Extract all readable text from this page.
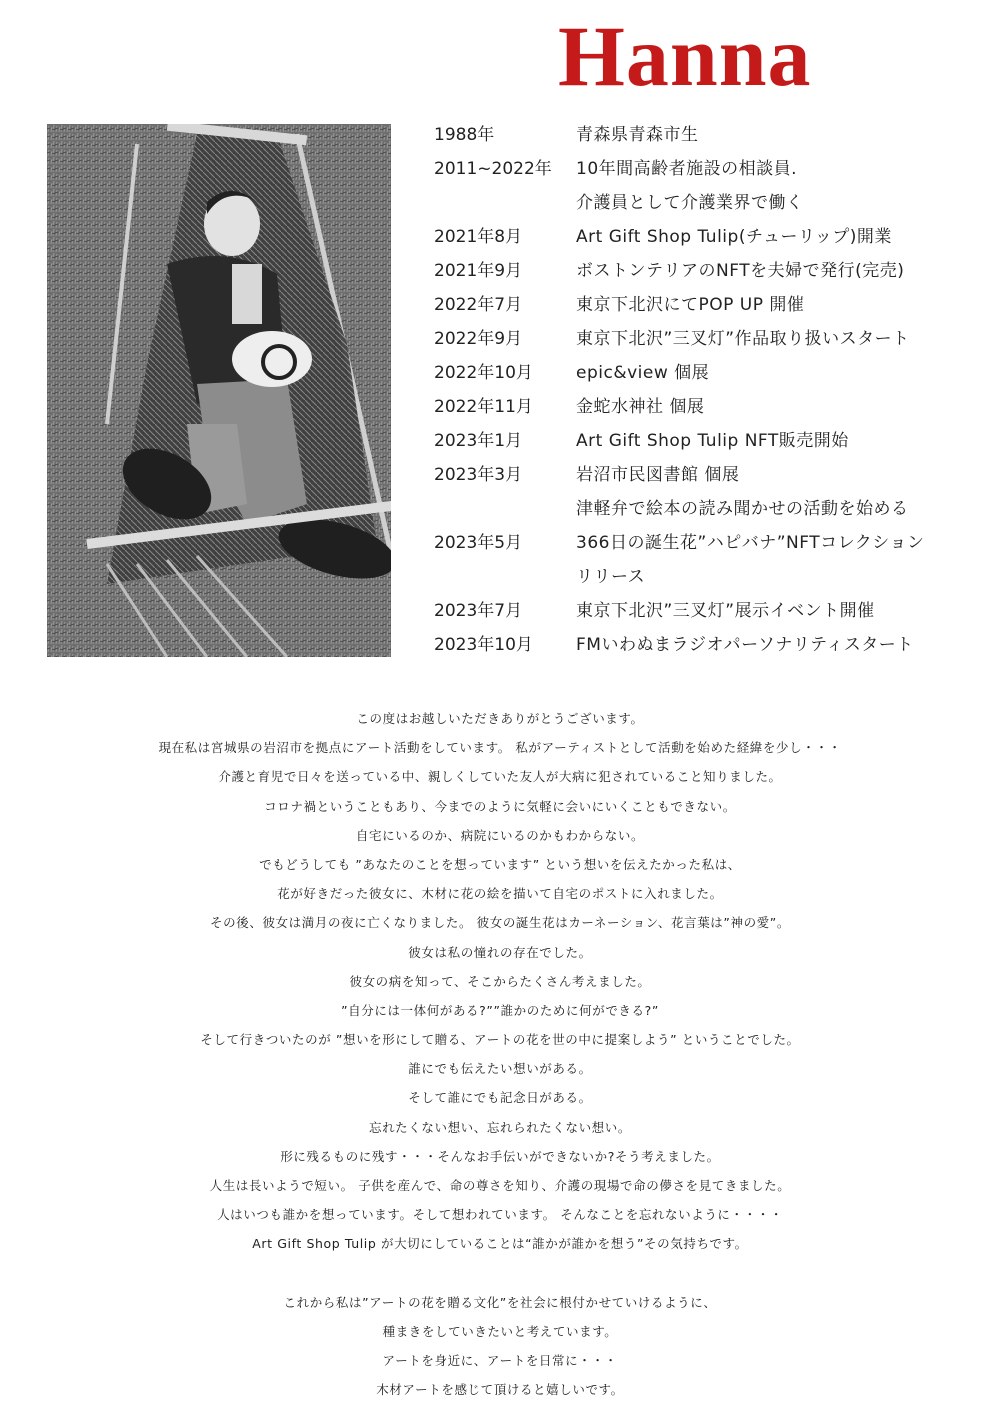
Hanna
1988年	青森県青森市生
2011~2022年	10年間高齢者施設の相談員.
介護員として介護業界で働く
2021年8月	Art Gift Shop Tulip(チューリップ)開業
2021年9月	ボストンテリアのNFTを夫婦で発行(完売)
2022年7月	東京下北沢にてPOP UP 開催
2022年9月	東京下北沢”三叉灯”作品取り扱いスタート
2022年10月	epic&view 個展
2022年11月	金蛇水神社 個展
2023年1月	Art Gift Shop Tulip NFT販売開始
2023年3月	岩沼市民図書館 個展
津軽弁で絵本の読み聞かせの活動を始める
2023年5月	366日の誕生花”ハピバナ”NFTコレクション
リリース
2023年7月	東京下北沢”三叉灯”展示イベント開催
2023年10月	FMいわぬまラジオパーソナリティスタート
この度はお越しいただきありがとうございます。
現在私は宮城県の岩沼市を拠点にアート活動をしています。 私がアーティストとして活動を始めた経緯を少し・・・
介護と育児で日々を送っている中、親しくしていた友人が大病に犯されていること知りました。
コロナ禍ということもあり、今までのように気軽に会いにいくこともできない。
自宅にいるのか、病院にいるのかもわからない。
でもどうしても ”あなたのことを想っています” という想いを伝えたかった私は、
花が好きだった彼女に、木材に花の絵を描いて自宅のポストに入れました。
その後、彼女は満月の夜に亡くなりました。 彼女の誕生花はカーネーション、花言葉は”神の愛”。
彼女は私の憧れの存在でした。
彼女の病を知って、そこからたくさん考えました。
”自分には一体何がある?””誰かのために何ができる?”
そして行きついたのが ”想いを形にして贈る、アートの花を世の中に提案しよう” ということでした。
誰にでも伝えたい想いがある。
そして誰にでも記念日がある。
忘れたくない想い、忘れられたくない想い。
形に残るものに残す・・・そんなお手伝いができないか?そう考えました。
人生は長いようで短い。 子供を産んで、命の尊さを知り、介護の現場で命の儚さを見てきました。
人はいつも誰かを想っています。そして想われています。 そんなことを忘れないように・・・・
Art Gift Shop Tulip が大切にしていることは“誰かが誰かを想う”その気持ちです。
これから私は”アートの花を贈る文化”を社会に根付かせていけるように、
種まきをしていきたいと考えています。
アートを身近に、アートを日常に・・・
木材アートを感じて頂けると嬉しいです。
